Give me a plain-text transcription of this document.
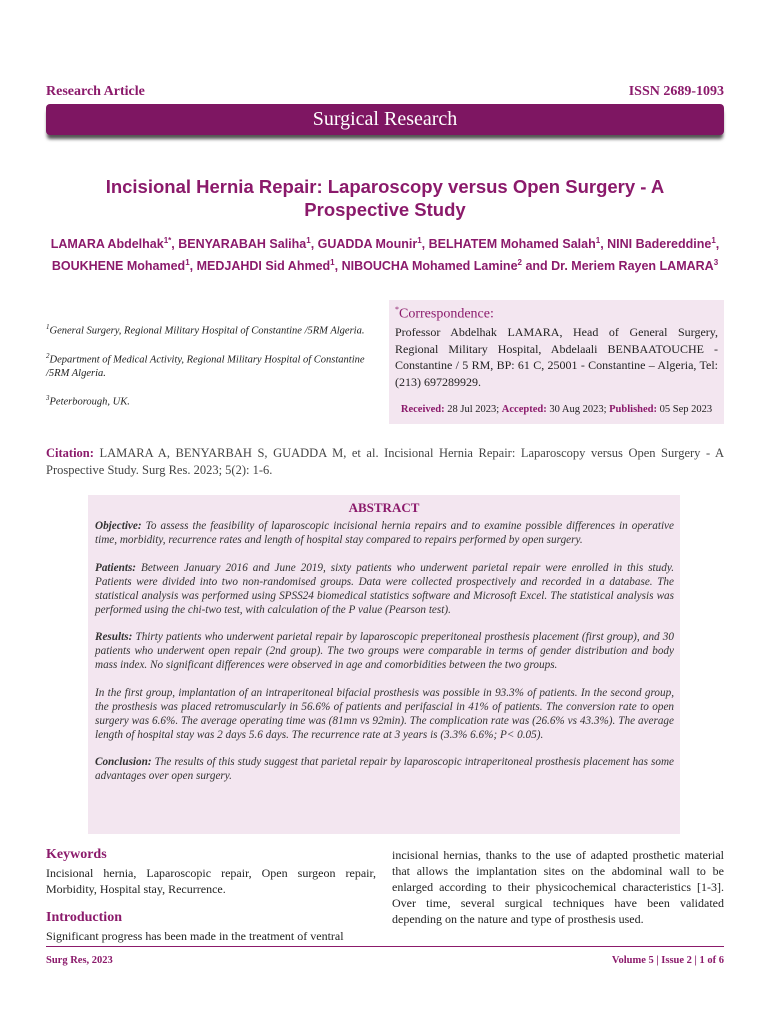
Research Article	ISSN 2689-1093
Surgical Research
Incisional Hernia Repair: Laparoscopy versus Open Surgery - A Prospective Study
LAMARA Abdelhak$^{1*}$, BENYARABAH Saliha$^1$, GUADDA Mounir$^1$, BELHATEM Mohamed Salah$^1$, NINI Badereddine$^1$, BOUKHENE Mohamed$^1$, MEDJAHDI Sid Ahmed$^1$, NIBOUCHA Mohamed Lamine$^2$ and Dr. Meriem Rayen LAMARA$^3$

$^1$General Surgery, Regional Military Hospital of Constantine /5RM Algeria.

$^2$Department of Medical Activity, Regional Military Hospital of Constantine /5RM Algeria.

$^3$Peterborough, UK.

*Correspondence:
Professor Abdelhak LAMARA, Head of General Surgery, Regional Military Hospital, Abdelaali BENBAATOUCHE - Constantine / 5 RM, BP: 61 C, 25001 - Constantine – Algeria, Tel: (213) 697289929.
Received: 28 Jul 2023; Accepted: 30 Aug 2023; Published: 05 Sep 2023
Citation: LAMARA A, BENYARBAH S, GUADDA M, et al. Incisional Hernia Repair: Laparoscopy versus Open Surgery - A Prospective Study. Surg Res. 2023; 5(2): 1-6.
ABSTRACT

Objective: To assess the feasibility of laparoscopic incisional hernia repairs and to examine possible differences in operative time, morbidity, recurrence rates and length of hospital stay compared to repairs performed by open surgery.

Patients: Between January 2016 and June 2019, sixty patients who underwent parietal repair were enrolled in this study. Patients were divided into two non-randomised groups. Data were collected prospectively and recorded in a database. The statistical analysis was performed using SPSS24 biomedical statistics software and Microsoft Excel. The statistical analysis was performed using the chi-two test, with calculation of the P value (Pearson test).

Results: Thirty patients who underwent parietal repair by laparoscopic preperitoneal prosthesis placement (first group), and 30 patients who underwent open repair (2nd group). The two groups were comparable in terms of gender distribution and body mass index. No significant differences were observed in age and comorbidities between the two groups.

In the first group, implantation of an intraperitoneal bifacial prosthesis was possible in 93.3% of patients. In the second group, the prosthesis was placed retromuscularly in 56.6% of patients and perifascial in 41% of patients. The conversion rate to open surgery was 6.6%. The average operating time was (81mn vs 92min). The complication rate was (26.6% vs 43.3%). The average length of hospital stay was 2 days 5.6 days. The recurrence rate at 3 years is (3.3% 6.6%; P< 0.05).

Conclusion: The results of this study suggest that parietal repair by laparoscopic intraperitoneal prosthesis placement has some advantages over open surgery.

Keywords
Incisional hernia, Laparoscopic repair, Open surgeon repair, Morbidity, Hospital stay, Recurrence.
Introduction
Significant progress has been made in the treatment of ventral
incisional hernias, thanks to the use of adapted prosthetic material that allows the implantation sites on the abdominal wall to be enlarged according to their physicochemical characteristics [1-3]. Over time, several surgical techniques have been validated depending on the nature and type of prosthesis used.
Surg Res, 2023	Volume 5 | Issue 2 | 1 of 6
